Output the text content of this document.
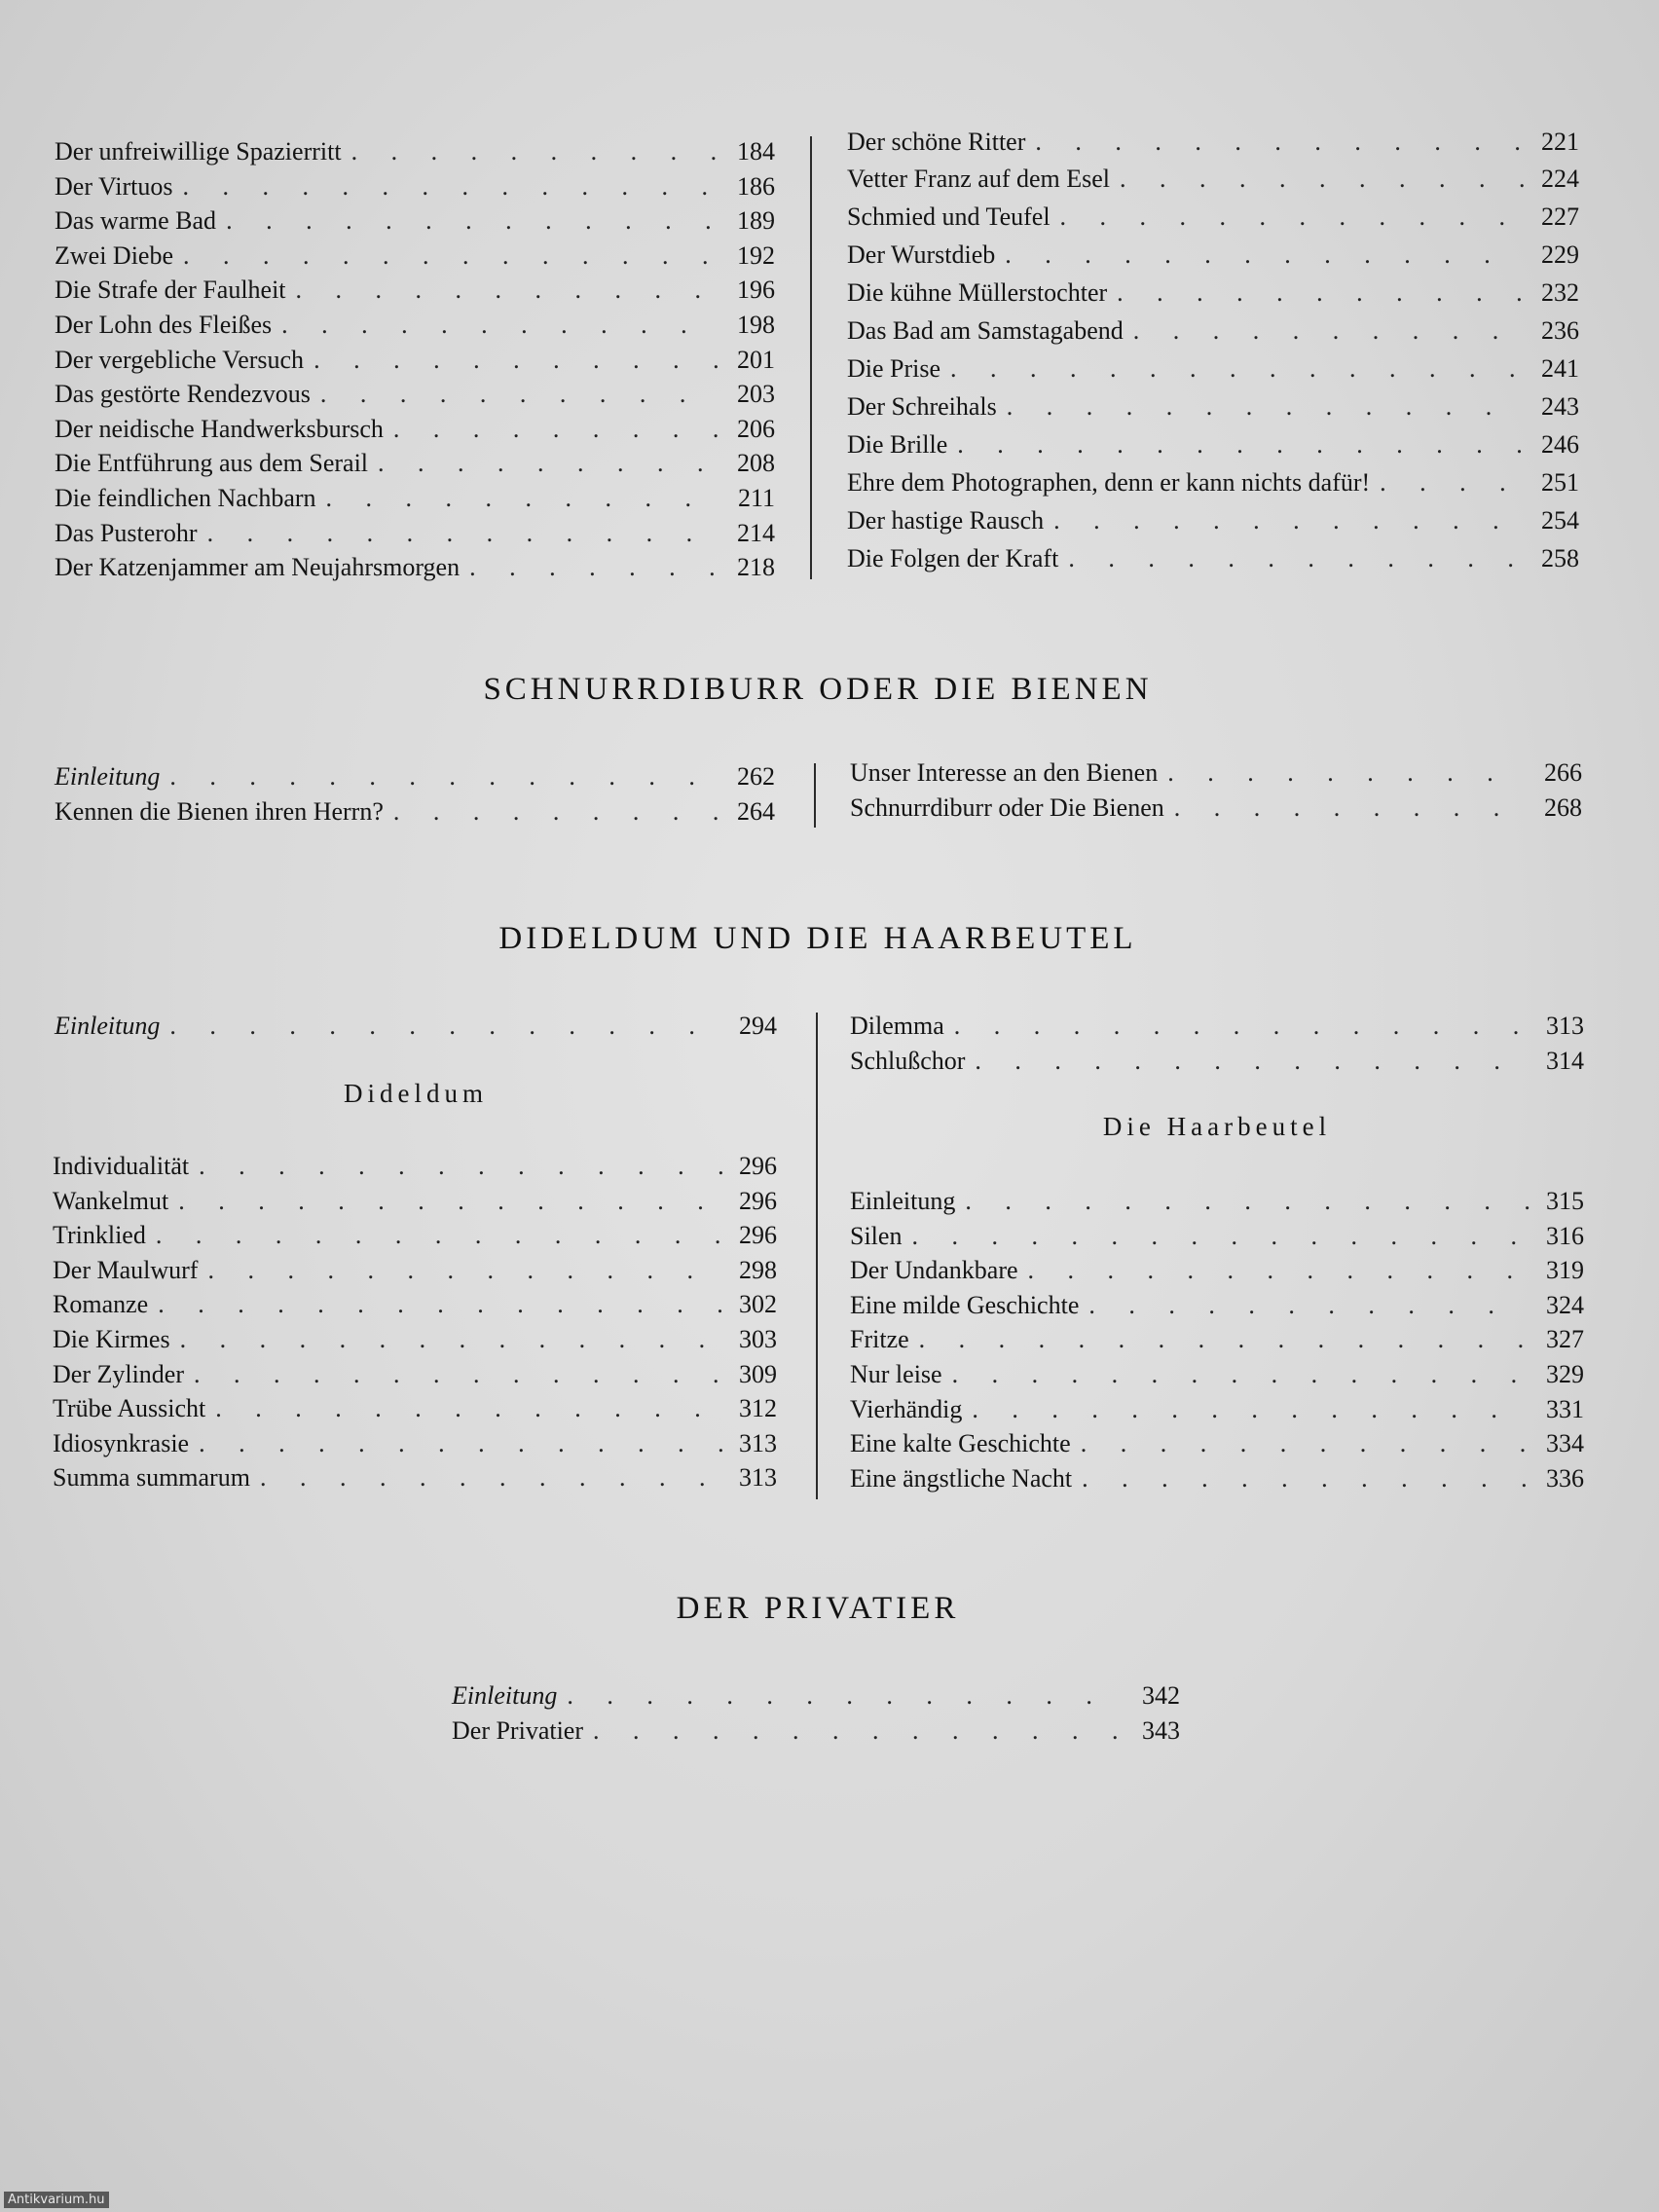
Der unfreiwillige Spazierritt . . .	184
Der Virtuos . . .	186
Das warme Bad . . .	189
Zwei Diebe . . .	192
Die Strafe der Faulheit . . .	196
Der Lohn des Fleißes . . .	198
Der vergebliche Versuch . . .	201
Das gestörte Rendezvous . . .	203
Der neidische Handwerksbursch . . .	206
Die Entführung aus dem Serail . . .	208
Die feindlichen Nachbarn . . .	211
Das Pusterohr . . .	214
Der Katzenjammer am Neujahrsmorgen . . .	218
Der schöne Ritter . . .	221
Vetter Franz auf dem Esel . . .	224
Schmied und Teufel . . .	227
Der Wurstdieb . . .	229
Die kühne Müllerstochter . . .	232
Das Bad am Samstagabend . . .	236
Die Prise . . .	241
Der Schreihals . . .	243
Die Brille . . .	246
Ehre dem Photographen, denn er kann nichts dafür! . . .	251
Der hastige Rausch . . .	254
Die Folgen der Kraft . . .	258
SCHNURRDIBURR ODER DIE BIENEN
Einleitung . . .	262
Kennen die Bienen ihren Herrn? . . .	264
Unser Interesse an den Bienen . . .	266
Schnurrdiburr oder Die Bienen . . .	268
DIDELDUM UND DIE HAARBEUTEL
Einleitung . . .	294
Dideldum
Individualität . . .	296
Wankelmut . . .	296
Trinklied . . .	296
Der Maulwurf . . .	298
Romanze . . .	302
Die Kirmes . . .	303
Der Zylinder . . .	309
Trübe Aussicht . . .	312
Idiosynkrasie . . .	313
Summa summarum . . .	313
Dilemma . . .	313
Schlußchor . . .	314
Die Haarbeutel
Einleitung . . .	315
Silen . . .	316
Der Undankbare . . .	319
Eine milde Geschichte . . .	324
Fritze . . .	327
Nur leise . . .	329
Vierhändig . . .	331
Eine kalte Geschichte . . .	334
Eine ängstliche Nacht . . .	336
DER PRIVATIER
Einleitung . . .	342
Der Privatier . . .	343
Antikvarium.hu
